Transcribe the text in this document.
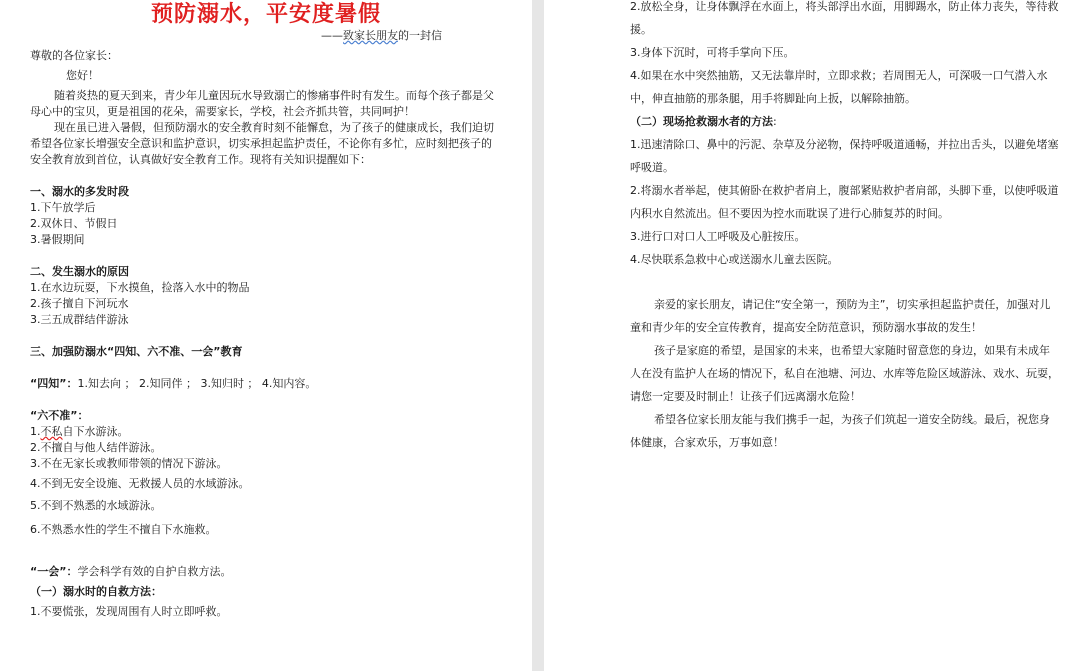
预防溺水，平安度暑假
——致家长朋友的一封信

尊敬的各位家长：

您好！

随着炎热的夏天到来，青少年儿童因玩水导致溺亡的惨痛事件时有发生。而每个孩子都是父母心中的宝贝，更是祖国的花朵，需要家长，学校，社会齐抓共管，共同呵护！

现在虽已进入暑假，但预防溺水的安全教育时刻不能懈怠，为了孩子的健康成长，我们迫切希望各位家长增强安全意识和监护意识，切实承担起监护责任，不论你有多忙，应时刻把孩子的安全教育放到首位，认真做好安全教育工作。现将有关知识提醒如下：

一、溺水的多发时段
1.下午放学后
2.双休日、节假日
3.暑假期间
二、发生溺水的原因
1.在水边玩耍，下水摸鱼，捡落入水中的物品
2.孩子擅自下河玩水
3.三五成群结伴游泳
三、加强防溺水“四知、六不准、一会”教育
“四知”：1.知去向 ； 2.知同伴 ； 3.知归时 ； 4.知内容。
“六不准”：
1.不私自下水游泳。
2.不擅自与他人结伴游泳。
3.不在无家长或教师带领的情况下游泳。
4.不到无安全设施、无救援人员的水域游泳。
5.不到不熟悉的水域游泳。
6.不熟悉水性的学生不擅自下水施救。
“一会”：学会科学有效的自护自救方法。
（一）溺水时的自救方法：
1.不要慌张，发现周围有人时立即呼救。

2.放松全身，让身体飘浮在水面上，将头部浮出水面，用脚踢水，防止体力丧失，等待救援。

3.身体下沉时，可将手掌向下压。

4.如果在水中突然抽筋，又无法靠岸时，立即求救；若周围无人，可深吸一口气潜入水中，伸直抽筋的那条腿，用手将脚趾向上扳，以解除抽筋。

（二）现场抢救溺水者的方法:

1.迅速清除口、鼻中的污泥、杂草及分泌物，保持呼吸道通畅，并拉出舌头，以避免堵塞呼吸道。

2.将溺水者举起，使其俯卧在救护者肩上，腹部紧贴救护者肩部，头脚下垂，以使呼吸道内积水自然流出。但不要因为控水而耽误了进行心肺复苏的时间。

3.进行口对口人工呼吸及心脏按压。

4.尽快联系急救中心或送溺水儿童去医院。

亲爱的家长朋友，请记住“安全第一，预防为主”，切实承担起监护责任，加强对儿童和青少年的安全宣传教育，提高安全防范意识，预防溺水事故的发生！

孩子是家庭的希望，是国家的未来，也希望大家随时留意您的身边，如果有未成年人在没有监护人在场的情况下，私自在池塘、河边、水库等危险区域游泳、戏水、玩耍，请您一定要及时制止！让孩子们远离溺水危险！

希望各位家长朋友能与我们携手一起，为孩子们筑起一道安全防线。最后，祝您身体健康，合家欢乐，万事如意！
